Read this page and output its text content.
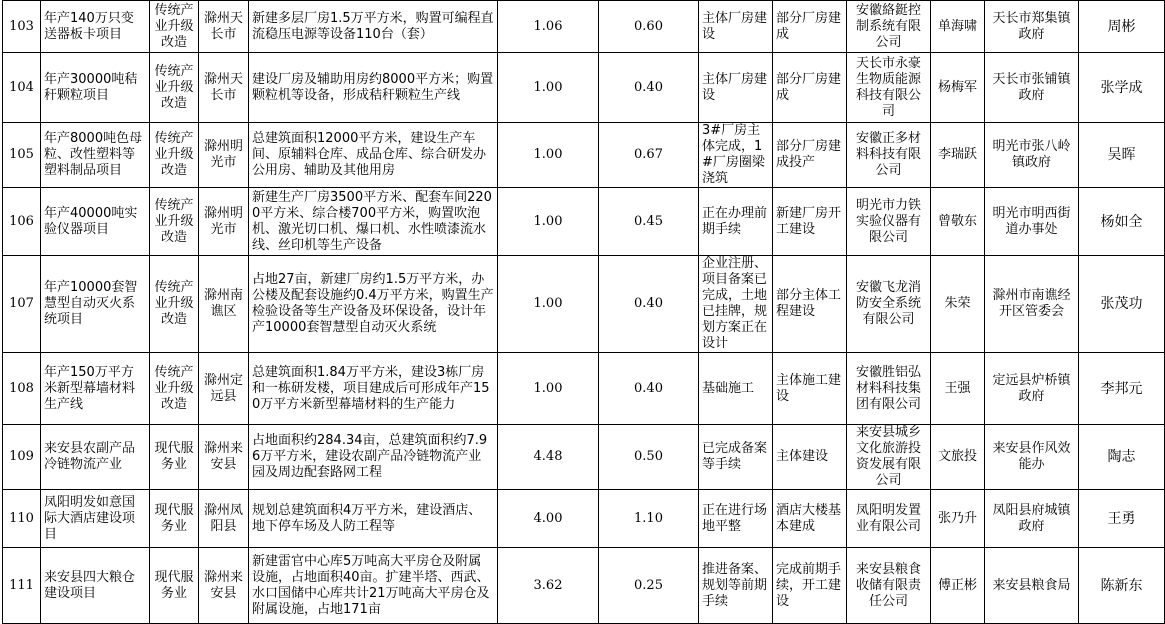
103	年产140万只变送器板卡项目	传统产业升级改造	滁州天长市	新建多层厂房1.5万平方米，购置可编程直流稳压电源等设备110台（套）	1.06	0.60	主体厂房建设	部分厂房建成	安徽絡鋌控制系统有限公司	单海啸	天长市郑集镇政府	周彬
104	年产30000吨秸秆颗粒项目	传统产业升级改造	滁州天长市	建设厂房及辅助用房约8000平方米；购置颗粒机等设备，形成秸秆颗粒生产线	1.00	0.40	主体厂房建设	部分厂房建成	天长市永豪生物质能源科技有限公司	杨梅军	天长市张铺镇政府	张学成
105	年产8000吨色母粒、改性塑料等塑料制品项目	传统产业升级改造	滁州明光市	总建筑面积12000平方米，建设生产车间、原辅料仓库、成品仓库、综合研发办公用房、辅助及其他用房	1.00	0.67	3#厂房主体完成，1#厂房圈梁浇筑	部分厂房建成投产	安徽正多材料科技有限公司	李瑞跃	明光市张八岭镇政府	吴晖
106	年产40000吨实验仪器项目	传统产业升级改造	滁州明光市	新建生产厂房3500平方米、配套车间2200平方米、综合楼700平方米，购置吹泡机、激光切口机、爆口机、水性喷漆流水线、丝印机等生产设备	1.00	0.45	正在办理前期手续	新建厂房开工建设	明光市力铁实验仪器有限公司	曾敬东	明光市明西街道办事处	杨如全
107	年产10000套智慧型自动灭火系统项目	传统产业升级改造	滁州南谯区	占地27亩，新建厂房约1.5万平方米，办公楼及配套设施约0.4万平方米，购置生产检验设备等生产设备及环保设备，设计年产10000套智慧型自动灭火系统	1.00	0.40	企业注册、项目备案已完成，土地已挂牌，规划方案正在设计	部分主体工程建设	安徽飞龙消防安全系统有限公司	朱荣	滁州市南谯经开区管委会	张茂功
108	年产150万平方米新型幕墙材料生产线	传统产业升级改造	滁州定远县	总建筑面积1.84万平方米，建设3栋厂房和一栋研发楼，项目建成后可形成年产150万平方米新型幕墙材料的生产能力	1.00	0.40	基础施工	主体施工建设	安徽胜铝弘材料科技集团有限公司	王强	定远县炉桥镇政府	李邦元
109	来安县农副产品冷链物流产业	现代服务业	滁州来安县	占地面积约284.34亩，总建筑面积约7.96万平方米，建设农副产品冷链物流产业园及周边配套路网工程	4.48	0.50	已完成备案等手续	主体建设	来安县城乡文化旅游投资发展有限公司	文旅投	来安县作风效能办	陶志
110	凤阳明发如意国际大酒店建设项目	现代服务业	滁州凤阳县	规划总建筑面积4万平方米，建设酒店、地下停车场及人防工程等	4.00	1.10	正在进行场地平整	酒店大楼基本建成	凤阳明发置业有限公司	张乃升	凤阳县府城镇政府	王勇
111	来安县四大粮仓建设项目	现代服务业	滁州来安县	新建雷官中心库5万吨高大平房仓及附属设施，占地面积40亩。扩建半塔、西武、水口国储中心库共计21万吨高大平房仓及附属设施，占地171亩	3.62	0.25	推进备案、规划等前期手续	完成前期手续，开工建设	来安县粮食收储有限责任公司	傅正彬	来安县粮食局	陈新东
